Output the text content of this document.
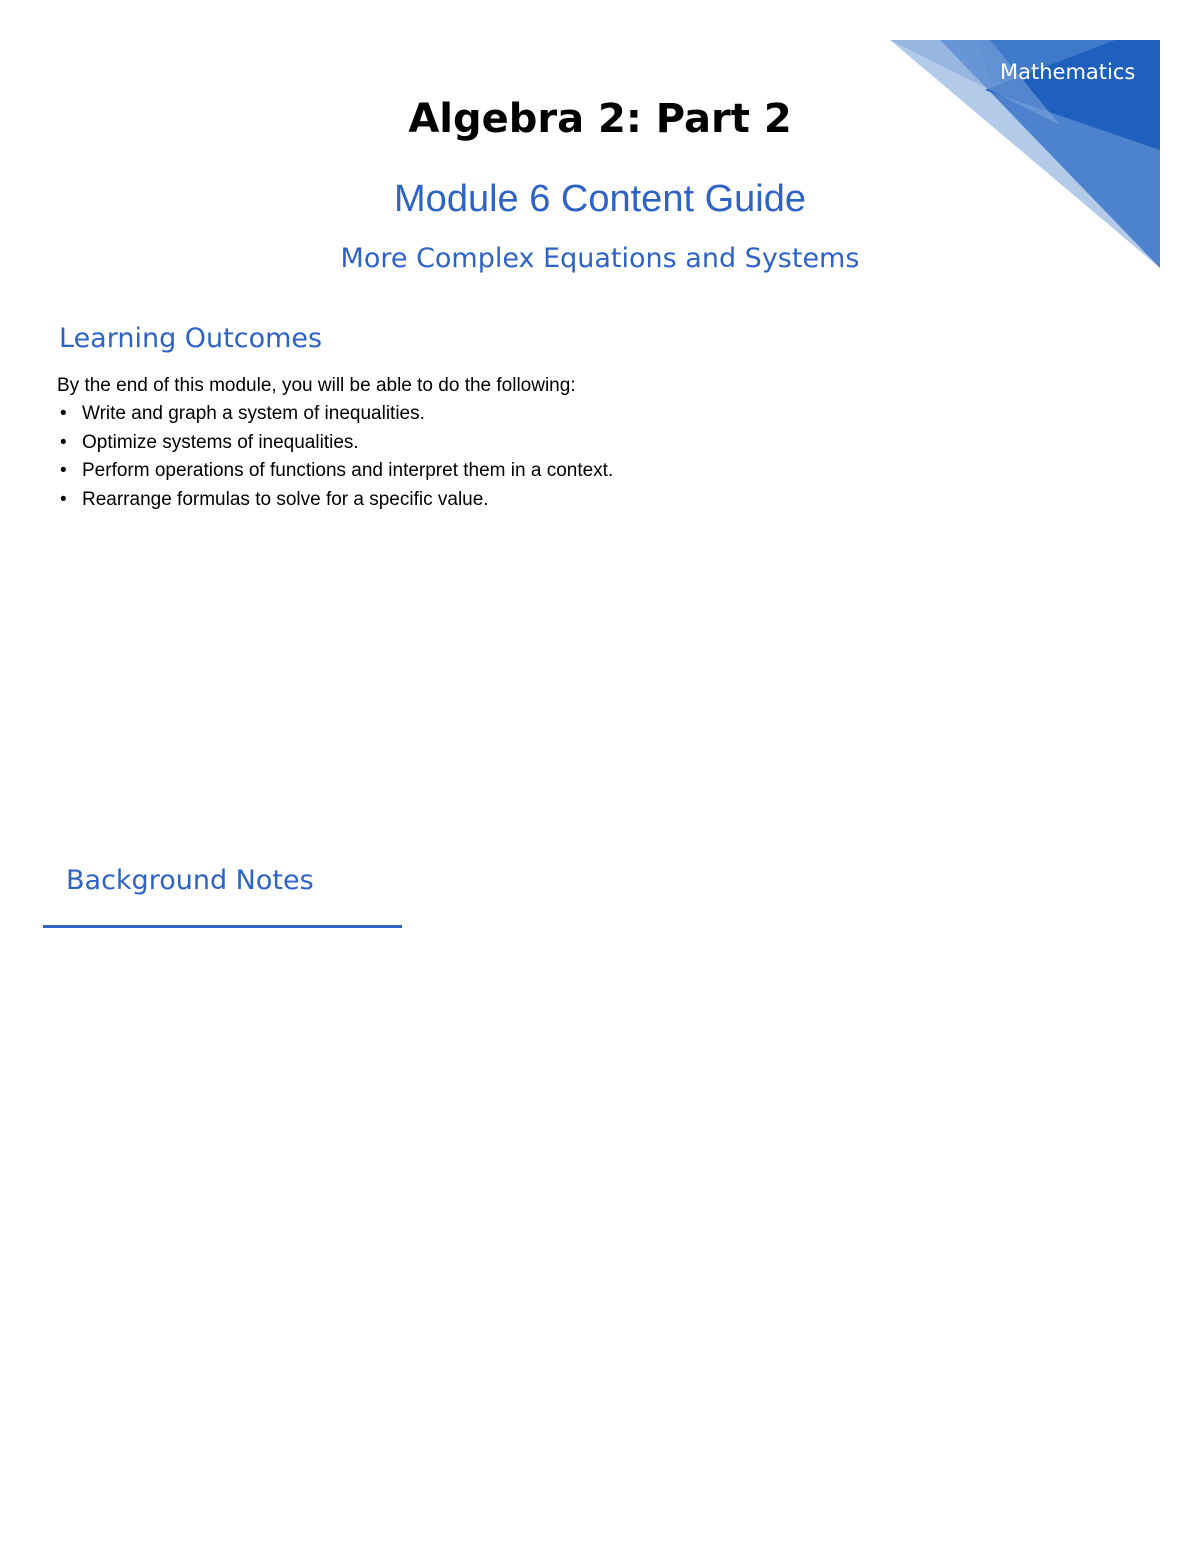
Mathematics
Algebra 2: Part 2
Module 6 Content Guide
More Complex Equations and Systems
Learning Outcomes

By the end of this module, you will be able to do the following:

• Write and graph a system of inequalities.
• Optimize systems of inequalities.
• Perform operations of functions and interpret them in a context.
• Rearrange formulas to solve for a specific value.
Background Notes
